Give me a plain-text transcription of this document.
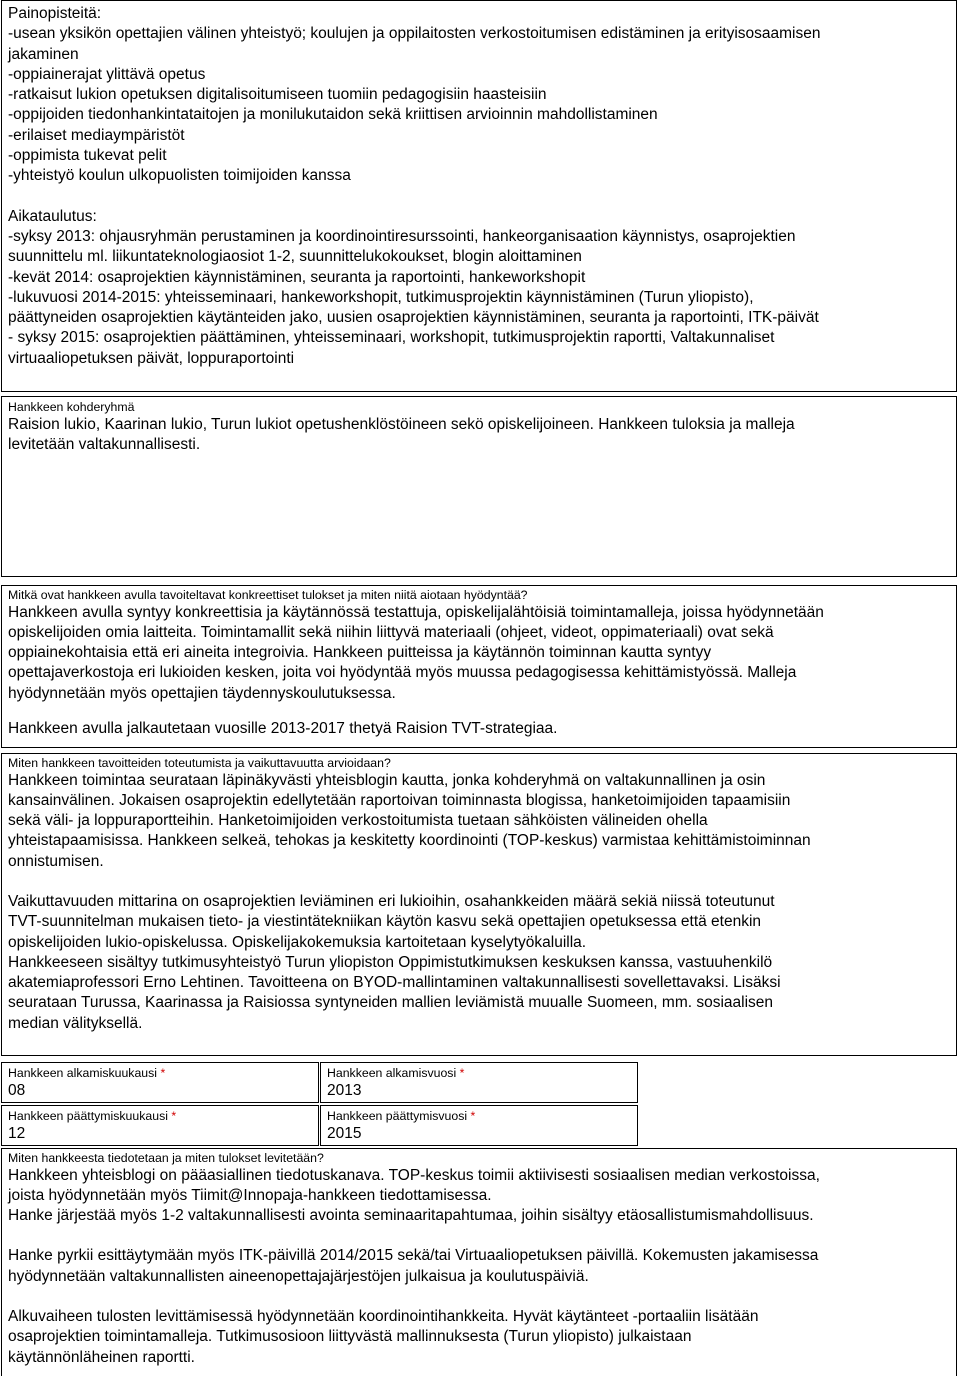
Painopisteitä:
-usean yksikön opettajien välinen yhteistyö; koulujen ja oppilaitosten verkostoitumisen edistäminen ja erityisosaamisen
jakaminen
-oppiainerajat ylittävä opetus
-ratkaisut lukion opetuksen digitalisoitumiseen tuomiin pedagogisiin haasteisiin
-oppijoiden tiedonhankintataitojen ja monilukutaidon sekä kriittisen arvioinnin mahdollistaminen
-erilaiset mediaympäristöt
-oppimista tukevat pelit
-yhteistyö koulun ulkopuolisten toimijoiden kanssa
Aikataulutus:
-syksy 2013: ohjausryhmän perustaminen ja koordinointiresurssointi, hankeorganisaation käynnistys, osaprojektien
suunnittelu ml. liikuntateknologiaosiot 1-2, suunnittelukokoukset, blogin aloittaminen
-kevät 2014: osaprojektien käynnistäminen, seuranta ja raportointi, hankeworkshopit
-lukuvuosi 2014-2015: yhteisseminaari, hankeworkshopit, tutkimusprojektin käynnistäminen (Turun yliopisto),
päättyneiden osaprojektien käytänteiden jako, uusien osaprojektien käynnistäminen, seuranta ja raportointi, ITK-päivät
- syksy 2015: osaprojektien päättäminen, yhteisseminaari, workshopit, tutkimusprojektin raportti, Valtakunnaliset
virtuaaliopetuksen päivät, loppuraportointi
Hankkeen kohderyhmä
Raision lukio, Kaarinan lukio, Turun lukiot opetushenklöstöineen sekö opiskelijoineen. Hankkeen tuloksia ja malleja
levitetään valtakunnallisesti.
Mitkä ovat hankkeen avulla tavoiteltavat konkreettiset tulokset ja miten niitä aiotaan hyödyntää?
Hankkeen avulla syntyy konkreettisia ja käytännössä testattuja, opiskelijalähtöisiä toimintamalleja, joissa hyödynnetään
opiskelijoiden omia laitteita. Toimintamallit sekä niihin liittyvä materiaali (ohjeet, videot, oppimateriaali) ovat sekä
oppiainekohtaisia että eri aineita integroivia. Hankkeen puitteissa ja käytännön toiminnan kautta syntyy
opettajaverkostoja eri lukioiden kesken, joita voi hyödyntää myös muussa pedagogisessa kehittämistyössä. Malleja
hyödynnetään myös opettajien täydennyskoulutuksessa.
Hankkeen avulla jalkautetaan vuosille 2013-2017 thetyä Raision TVT-strategiaa.
Miten hankkeen tavoitteiden toteutumista ja vaikuttavuutta arvioidaan?
Hankkeen toimintaa seurataan läpinäkyvästi yhteisblogin kautta, jonka kohderyhmä on valtakunnallinen ja osin
kansainvälinen. Jokaisen osaprojektin edellytetään raportoivan toiminnasta blogissa, hanketoimijoiden tapaamisiin
sekä väli- ja loppuraportteihin. Hanketoimijoiden verkostoitumista tuetaan sähköisten välineiden ohella
yhteistapaamisissa. Hankkeen selkeä, tehokas ja keskitetty koordinointi (TOP-keskus) varmistaa kehittämistoiminnan
onnistumisen.
Vaikuttavuuden mittarina on osaprojektien leviäminen eri lukioihin, osahankkeiden määrä sekiä niissä toteutunut
TVT-suunnitelman mukaisen tieto- ja viestintätekniikan käytön kasvu sekä opettajien opetuksessa että etenkin
opiskelijoiden lukio-opiskelussa. Opiskelijakokemuksia kartoitetaan kyselytyökaluilla.
Hankkeeseen sisältyy tutkimusyhteistyö Turun yliopiston Oppimistutkimuksen keskuksen kanssa, vastuuhenkilö
akatemiaprofessori Erno Lehtinen. Tavoitteena on BYOD-mallintaminen valtakunnallisesti sovellettavaksi. Lisäksi
seurataan Turussa, Kaarinassa ja Raisiossa syntyneiden mallien leviämistä muualle Suomeen, mm. sosiaalisen
median välityksellä.
Hankkeen alkamiskuukausi *
08
Hankkeen alkamisvuosi *
2013
Hankkeen päättymiskuukausi *
12
Hankkeen päättymisvuosi *
2015
Miten hankkeesta tiedotetaan ja miten tulokset levitetään?
Hankkeen yhteisblogi on pääasiallinen tiedotuskanava. TOP-keskus toimii aktiivisesti sosiaalisen median verkostoissa,
joista hyödynnetään myös Tiimit@Innopaja-hankkeen tiedottamisessa.
Hanke järjestää myös 1-2 valtakunnallisesti avointa seminaaritapahtumaa, joihin sisältyy etäosallistumismahdollisuus.
Hanke pyrkii esittäytymään myös ITK-päivillä 2014/2015 sekä/tai Virtuaaliopetuksen päivillä. Kokemusten jakamisessa
hyödynnetään valtakunnallisten aineenopettajajärjestöjen julkaisua ja koulutuspäiviä.
Alkuvaiheen tulosten levittämisessä hyödynnetään koordinointihankkeita. Hyvät käytänteet -portaaliin lisätään
osaprojektien toimintamalleja. Tutkimusosioon liittyvästä mallinnuksesta (Turun yliopisto) julkaistaan
käytännönläheinen raportti.
